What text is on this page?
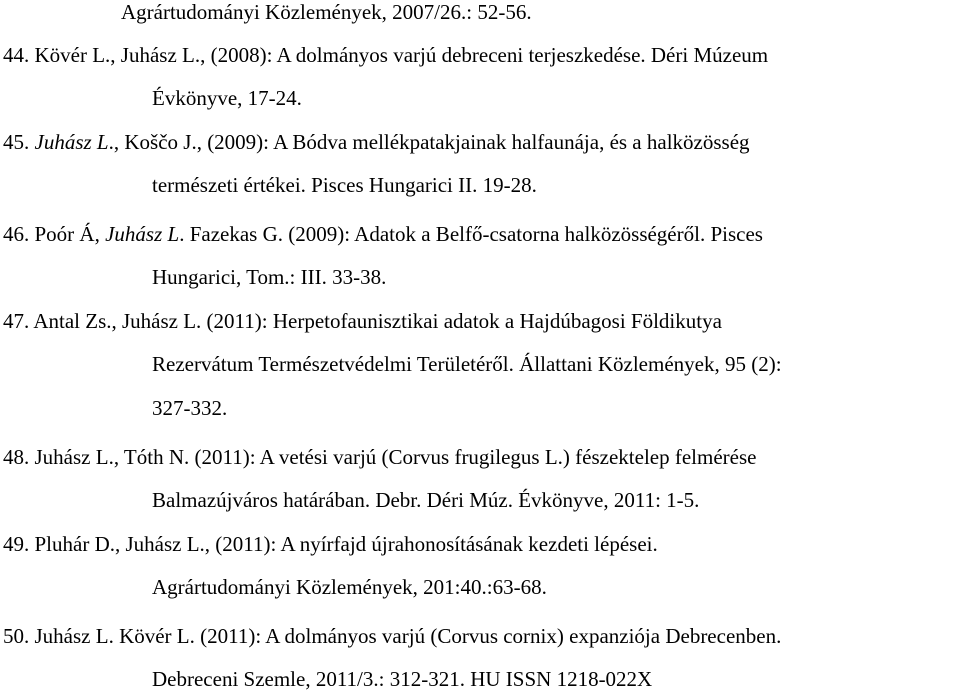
Agrártudományi Közlemények, 2007/26.: 52-56.
44. Kövér L., Juhász L., (2008): A dolmányos varjú debreceni terjeszkedése. Déri Múzeum
Évkönyve, 17-24.
45. Juhász L., Koščo J., (2009): A Bódva mellékpatakjainak halfaunája, és a halközösség
természeti értékei. Pisces Hungarici II. 19-28.
46. Poór Á, Juhász L. Fazekas G. (2009): Adatok a Belfő-csatorna halközösségéről. Pisces
Hungarici, Tom.: III. 33-38.
47. Antal Zs., Juhász L. (2011): Herpetofaunisztikai adatok a Hajdúbagosi Földikutya
Rezervátum Természetvédelmi Területéről. Állattani Közlemények, 95 (2):
327-332.
48. Juhász L., Tóth N. (2011): A vetési varjú (Corvus frugilegus L.) fészektelep felmérése
Balmazújváros határában. Debr. Déri Múz. Évkönyve, 2011: 1-5.
49. Pluhár D., Juhász L., (2011): A nyírfajd újrahonosításának kezdeti lépései.
Agrártudományi Közlemények, 201:40.:63-68.
50. Juhász L. Kövér L. (2011): A dolmányos varjú (Corvus cornix) expanziója Debrecenben.
Debreceni Szemle, 2011/3.: 312-321. HU ISSN 1218-022X
